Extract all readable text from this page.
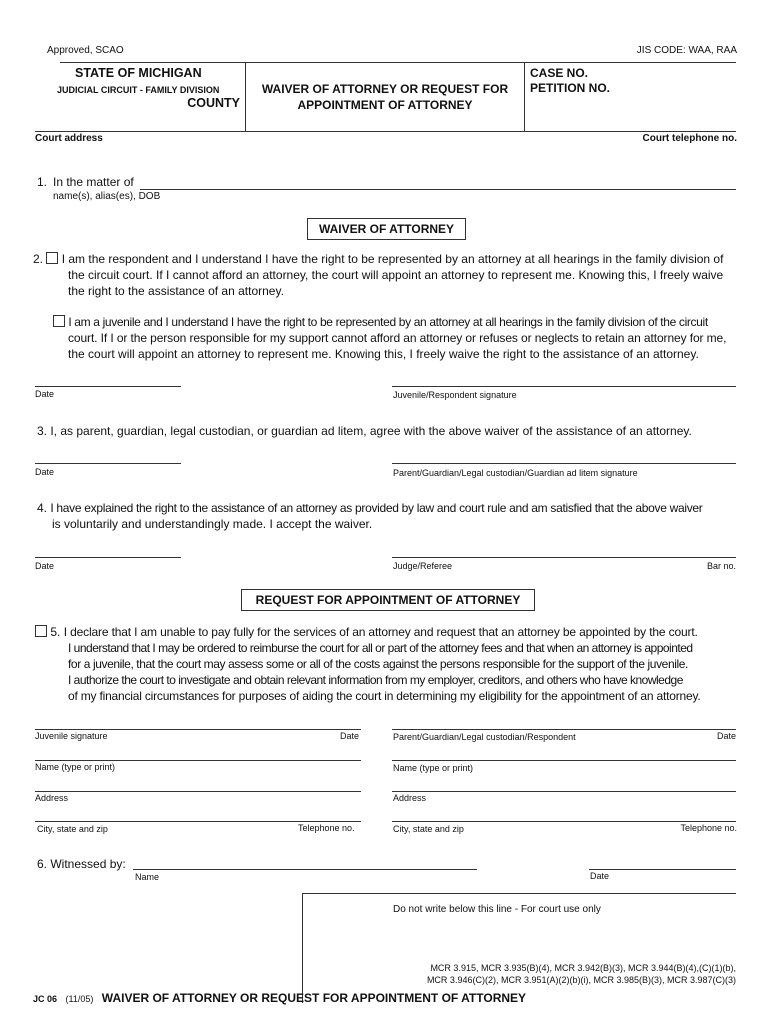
Approved, SCAO	JIS CODE: WAA, RAA
STATE OF MICHIGAN
JUDICIAL CIRCUIT - FAMILY DIVISION
COUNTY
WAIVER OF ATTORNEY OR REQUEST FOR
APPOINTMENT OF ATTORNEY
CASE NO.
PETITION NO.
Court address	Court telephone no.
1. In the matter of
name(s), alias(es), DOB
WAIVER OF ATTORNEY
2. I am the respondent and I understand I have the right to be represented by an attorney at all hearings in the family division of
the circuit court. If I cannot afford an attorney, the court will appoint an attorney to represent me. Knowing this, I freely waive
the right to the assistance of an attorney.
I am a juvenile and I understand I have the right to be represented by an attorney at all hearings in the family division of the circuit
court. If I or the person responsible for my support cannot afford an attorney or refuses or neglects to retain an attorney for me,
the court will appoint an attorney to represent me. Knowing this, I freely waive the right to the assistance of an attorney.
Date	Juvenile/Respondent signature
3. I, as parent, guardian, legal custodian, or guardian ad litem, agree with the above waiver of the assistance of an attorney.
Date	Parent/Guardian/Legal custodian/Guardian ad litem signature
4. I have explained the right to the assistance of an attorney as provided by law and court rule and am satisfied that the above waiver
is voluntarily and understandingly made. I accept the waiver.
Date	Judge/Referee	Bar no.
REQUEST FOR APPOINTMENT OF ATTORNEY
5. I declare that I am unable to pay fully for the services of an attorney and request that an attorney be appointed by the court.
I understand that I may be ordered to reimburse the court for all or part of the attorney fees and that when an attorney is appointed
for a juvenile, that the court may assess some or all of the costs against the persons responsible for the support of the juvenile.
I authorize the court to investigate and obtain relevant information from my employer, creditors, and others who have knowledge
of my financial circumstances for purposes of aiding the court in determining my eligibility for the appointment of an attorney.
Juvenile signature	Date	Parent/Guardian/Legal custodian/Respondent	Date
Name (type or print)	Name (type or print)
Address	Address
City, state and zip	Telephone no.	City, state and zip	Telephone no.
6. Witnessed by:
Name	Date
Do not write below this line - For court use only
MCR 3.915, MCR 3.935(B)(4), MCR 3.942(B)(3), MCR 3.944(B)(4),(C)(1)(b),
MCR 3.946(C)(2), MCR 3.951(A)(2)(b)(i), MCR 3.985(B)(3), MCR 3.987(C)(3)
JC 06 (11/05) WAIVER OF ATTORNEY OR REQUEST FOR APPOINTMENT OF ATTORNEY
